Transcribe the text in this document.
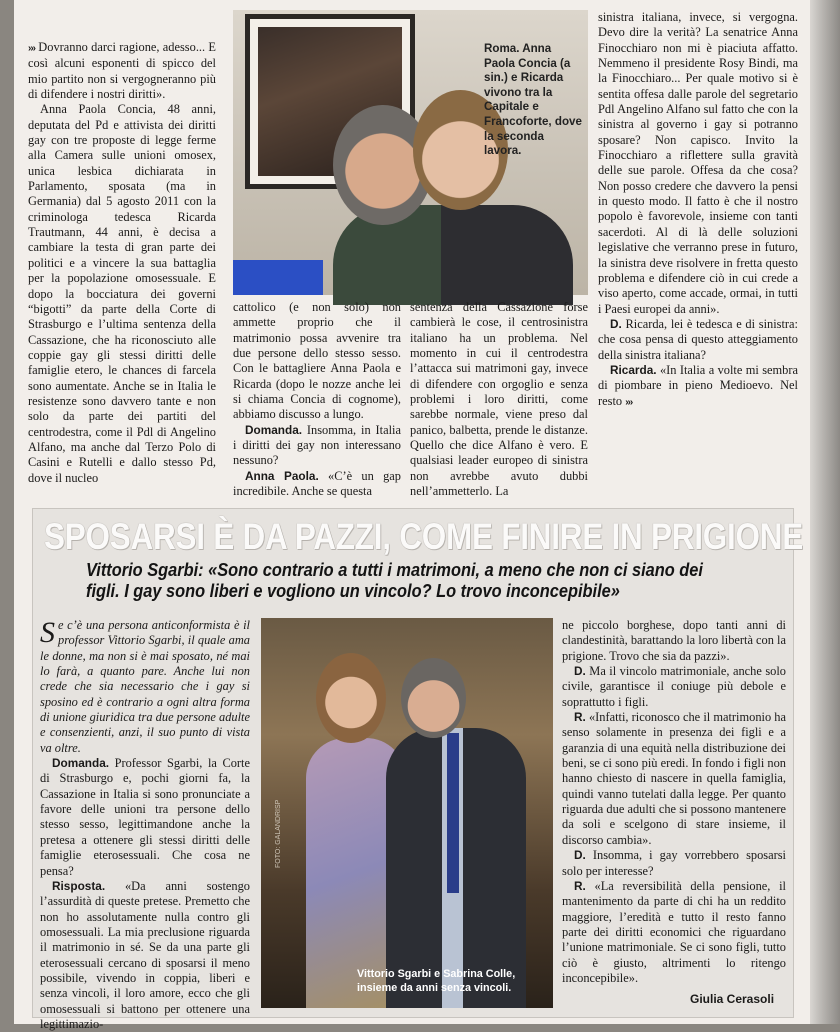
››› Dovranno darci ragione, adesso... E così alcuni esponenti di spicco del mio partito non si vergogneranno più di difendere i nostri diritti».

Anna Paola Concia, 48 anni, deputata del Pd e attivista dei diritti gay con tre proposte di legge ferme alla Camera sulle unioni omosex, unica lesbica dichiarata in Parlamento, sposata (ma in Germania) dal 5 agosto 2011 con la criminologa tedesca Ricarda Trautmann, 44 anni, è decisa a cambiare la testa di gran parte dei politici e a vincere la sua battaglia per la popolazione omosessuale. E dopo la bocciatura dei governi “bigotti” da parte della Corte di Strasburgo e l’ultima sentenza della Cassazione, che ha riconosciuto alle coppie gay gli stessi diritti delle famiglie etero, le chances di farcela sono aumentate. Anche se in Italia le resistenze sono davvero tante e non solo da parte dei partiti del centrodestra, come il Pdl di Angelino Alfano, ma anche dal Terzo Polo di Casini e Rutelli e dallo stesso Pd, dove il nucleo

Roma. Anna Paola Concia (a sin.) e Ricarda vivono tra la Capitale e Francoforte, dove la seconda lavora.

cattolico (e non solo) non ammette proprio che il matrimonio possa avvenire tra due persone dello stesso sesso. Con le battagliere Anna Paola e Ricarda (dopo le nozze anche lei si chiama Concia di cognome), abbiamo discusso a lungo.

Domanda. Insomma, in Italia i diritti dei gay non interessano nessuno?

Anna Paola. «C’è un gap incredibile. Anche se questa

sentenza della Cassazione forse cambierà le cose, il centrosinistra italiano ha un problema. Nel momento in cui il centrodestra l’attacca sui matrimoni gay, invece di difendere con orgoglio e senza problemi i loro diritti, come sarebbe normale, viene preso dal panico, balbetta, prende le distanze. Quello che dice Alfano è vero. E qualsiasi leader europeo di sinistra non avrebbe avuto dubbi nell’ammetterlo. La

sinistra italiana, invece, si vergogna. Devo dire la verità? La senatrice Anna Finocchiaro non mi è piaciuta affatto. Nemmeno il presidente Rosy Bindi, ma la Finocchiaro... Per quale motivo si è sentita offesa dalle parole del segretario Pdl Angelino Alfano sul fatto che con la sinistra al governo i gay si potranno sposare? Non capisco. Invito la Finocchiaro a riflettere sulla gravità delle sue parole. Offesa da che cosa? Non posso credere che davvero la pensi in questo modo. Il fatto è che il nostro popolo è favorevole, insieme con tanti sacerdoti. Al di là delle soluzioni legislative che verranno prese in futuro, la sinistra deve risolvere in fretta questo problema e difendere ciò in cui crede a viso aperto, come accade, ormai, in tutti i Paesi europei da anni».

D. Ricarda, lei è tedesca e di sinistra: che cosa pensa di questo atteggiamento della sinistra italiana?

Ricarda. «In Italia a volte mi sembra di piombare in pieno Medioevo. Nel resto ›››

SPOSARSI È DA PAZZI, COME FINIRE IN PRIGIONE
Vittorio Sgarbi: «Sono contrario a tutti i matrimoni, a meno che non ci siano dei figli. I gay sono liberi e vogliono un vincolo? Lo trovo inconcepibile»

Se c’è una persona anticonformista è il professor Vittorio Sgarbi, il quale ama le donne, ma non si è mai sposato, né mai lo farà, a quanto pare. Anche lui non crede che sia necessario che i gay si sposino ed è contrario a ogni altra forma di unione giuridica tra due persone adulte e consenzienti, anzi, il suo punto di vista va oltre.

Domanda. Professor Sgarbi, la Corte di Strasburgo e, pochi giorni fa, la Cassazione in Italia si sono pronunciate a favore delle unioni tra persone dello stesso sesso, legittimandone anche la pretesa a ottenere gli stessi diritti delle famiglie eterosessuali. Che cosa ne pensa?

Risposta. «Da anni sostengo l’assurdità di queste pretese. Premetto che non ho assolutamente nulla contro gli omosessuali. La mia preclusione riguarda il matrimonio in sé. Se da una parte gli eterosessuali cercano di sposarsi il meno possibile, vivendo in coppia, liberi e senza vincoli, il loro amore, ecco che gli omosessuali si battono per ottenere una legittimazio-

FOTO: GALANDRISP
Vittorio Sgarbi e Sabrina Colle, insieme da anni senza vincoli.

ne piccolo borghese, dopo tanti anni di clandestinità, barattando la loro libertà con la prigione. Trovo che sia da pazzi».

D. Ma il vincolo matrimoniale, anche solo civile, garantisce il coniuge più debole e soprattutto i figli.

R. «Infatti, riconosco che il matrimonio ha senso solamente in presenza dei figli e a garanzia di una equità nella distribuzione dei beni, se ci sono più eredi. In fondo i figli non hanno chiesto di nascere in quella famiglia, quindi vanno tutelati dalla legge. Per quanto riguarda due adulti che si possono mantenere da soli e scelgono di stare insieme, il discorso cambia».

D. Insomma, i gay vorrebbero sposarsi solo per interesse?

R. «La reversibilità della pensione, il mantenimento da parte di chi ha un reddito maggiore, l’eredità e tutto il resto fanno parte dei diritti economici che riguardano l’unione matrimoniale. Se ci sono figli, tutto ciò è giusto, altrimenti lo ritengo inconcepibile».

Giulia Cerasoli
